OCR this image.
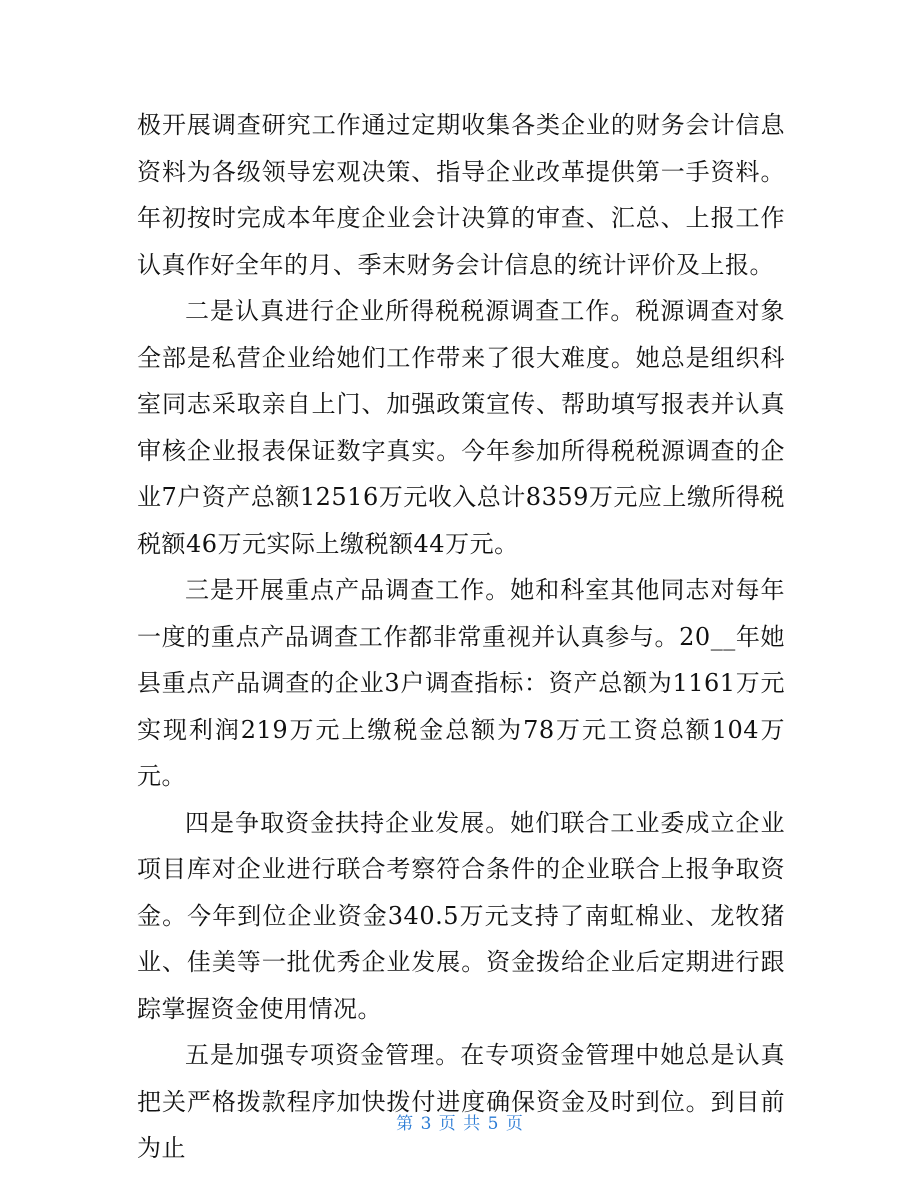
极开展调查研究工作通过定期收集各类企业的财务会计信息资料为各级领导宏观决策、指导企业改革提供第一手资料。年初按时完成本年度企业会计决算的审查、汇总、上报工作认真作好全年的月、季末财务会计信息的统计评价及上报。

二是认真进行企业所得税税源调查工作。税源调查对象全部是私营企业给她们工作带来了很大难度。她总是组织科室同志采取亲自上门、加强政策宣传、帮助填写报表并认真审核企业报表保证数字真实。今年参加所得税税源调查的企业7户资产总额12516万元收入总计8359万元应上缴所得税税额46万元实际上缴税额44万元。

三是开展重点产品调查工作。她和科室其他同志对每年一度的重点产品调查工作都非常重视并认真参与。20__年她县重点产品调查的企业3户调查指标：资产总额为1161万元实现利润219万元上缴税金总额为78万元工资总额104万元。

四是争取资金扶持企业发展。她们联合工业委成立企业项目库对企业进行联合考察符合条件的企业联合上报争取资金。今年到位企业资金340.5万元支持了南虹棉业、龙牧猪业、佳美等一批优秀企业发展。资金拨给企业后定期进行跟踪掌握资金使用情况。

五是加强专项资金管理。在专项资金管理中她总是认真把关严格拨款程序加快拨付进度确保资金及时到位。到目前为止

第 3 页 共 5 页
